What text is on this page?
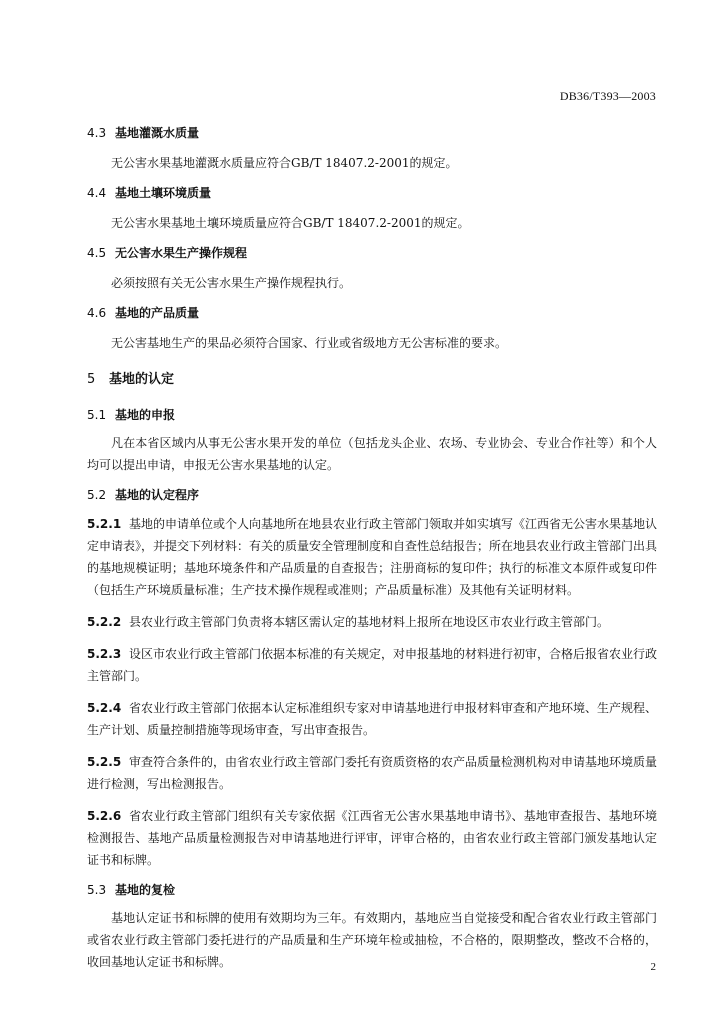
DB36/T393—2003
4.3 基地灌溉水质量

无公害水果基地灌溉水质量应符合GB/T 18407.2-2001的规定。

4.4 基地土壤环境质量

无公害水果基地土壤环境质量应符合GB/T 18407.2-2001的规定。

4.5 无公害水果生产操作规程

必须按照有关无公害水果生产操作规程执行。

4.6 基地的产品质量

无公害基地生产的果品必须符合国家、行业或省级地方无公害标准的要求。

5 基地的认定
5.1 基地的申报

凡在本省区域内从事无公害水果开发的单位（包括龙头企业、农场、专业协会、专业合作社等）和个人均可以提出申请，申报无公害水果基地的认定。

5.2 基地的认定程序

5.2.1 基地的申请单位或个人向基地所在地县农业行政主管部门领取并如实填写《江西省无公害水果基地认定申请表》，并提交下列材料：有关的质量安全管理制度和自查性总结报告；所在地县农业行政主管部门出具的基地规模证明；基地环境条件和产品质量的自查报告；注册商标的复印件；执行的标准文本原件或复印件（包括生产环境质量标准；生产技术操作规程或准则；产品质量标准）及其他有关证明材料。

5.2.2 县农业行政主管部门负责将本辖区需认定的基地材料上报所在地设区市农业行政主管部门。

5.2.3 设区市农业行政主管部门依据本标准的有关规定，对申报基地的材料进行初审，合格后报省农业行政主管部门。

5.2.4 省农业行政主管部门依据本认定标准组织专家对申请基地进行申报材料审查和产地环境、生产规程、生产计划、质量控制措施等现场审查，写出审查报告。

5.2.5 审查符合条件的，由省农业行政主管部门委托有资质资格的农产品质量检测机构对申请基地环境质量进行检测，写出检测报告。

5.2.6 省农业行政主管部门组织有关专家依据《江西省无公害水果基地申请书》、基地审查报告、基地环境检测报告、基地产品质量检测报告对申请基地进行评审，评审合格的，由省农业行政主管部门颁发基地认定证书和标牌。

5.3 基地的复检

基地认定证书和标牌的使用有效期均为三年。有效期内，基地应当自觉接受和配合省农业行政主管部门或省农业行政主管部门委托进行的产品质量和生产环境年检或抽检，不合格的，限期整改，整改不合格的，收回基地认定证书和标牌。	2
